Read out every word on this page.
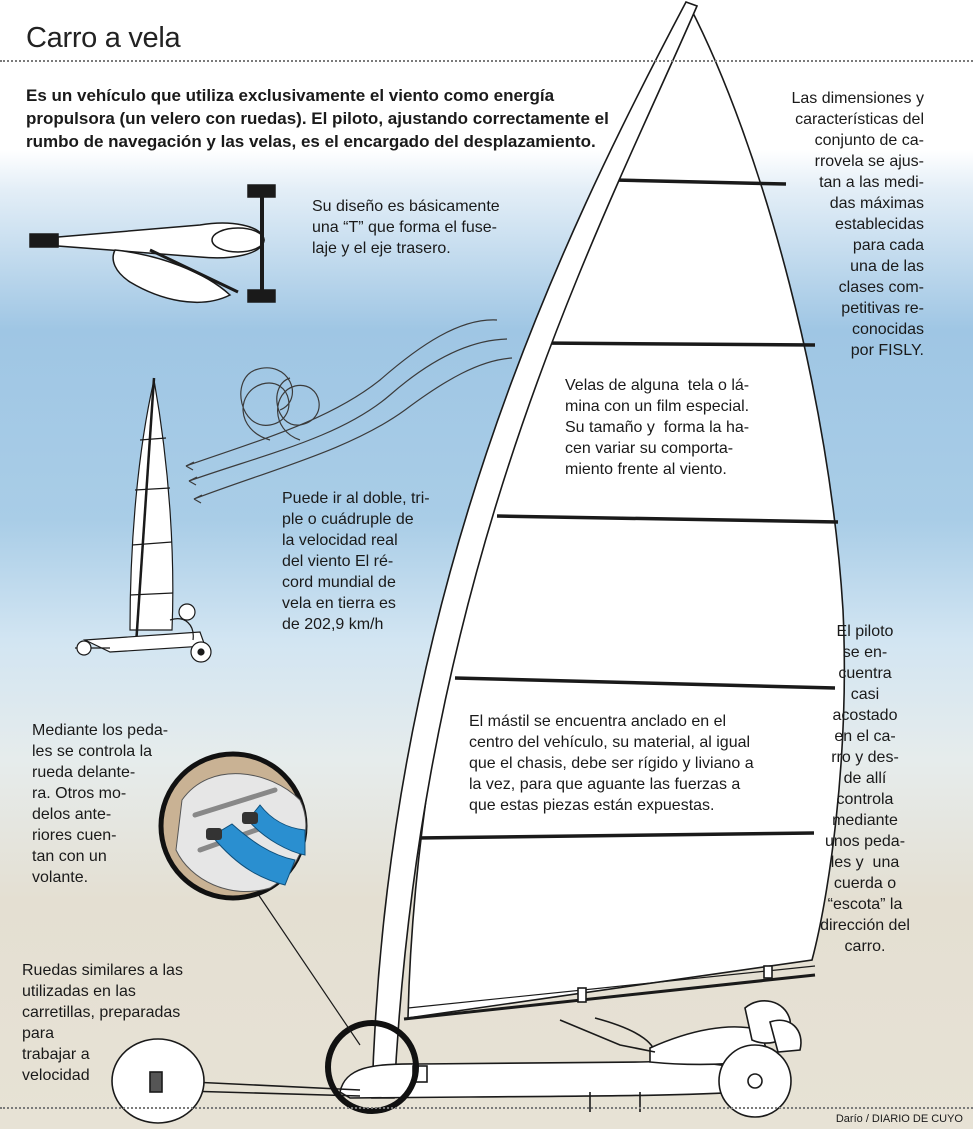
Carro a vela
Es un vehículo que utiliza exclusivamente el viento como energía propulsora (un velero con ruedas). El piloto, ajustando correctamente el rumbo de navegación y las velas, es el encargado del desplazamiento.
Su diseño es básicamente
una “T” que forma el fuse-
laje y el eje trasero.
Las dimensiones y
características del
conjunto de ca-
rrovela se ajus-
tan a las medi-
das máximas
establecidas
para cada
una de las
clases com-
petitivas re-
conocidas
por FISLY.
Velas de alguna  tela o lá-
mina con un film especial.
Su tamaño y  forma la ha-
cen variar su comporta-
miento frente al viento.
Puede ir al doble, tri-
ple o cuádruple de
la velocidad real
del viento El ré-
cord mundial de
vela en tierra es
de 202,9 km/h	El piloto
se en-
cuentra
casi
acostado
en el ca-
rro y des-
de allí
controla
mediante
unos peda-
les y  una
cuerda o
“escota” la
dirección del
carro.
El mástil se encuentra anclado en el
centro del vehículo, su material, al igual
que el chasis, debe ser rígido y liviano a
la vez, para que aguante las fuerzas a
que estas piezas están expuestas.
Mediante los peda-
les se controla la
rueda delante-
ra. Otros mo-
delos ante-
riores cuen-
tan con un
volante.
Ruedas similares a las
utilizadas en las
carretillas, preparadas
para
trabajar a
velocidad
Darío / DIARIO DE CUYO
